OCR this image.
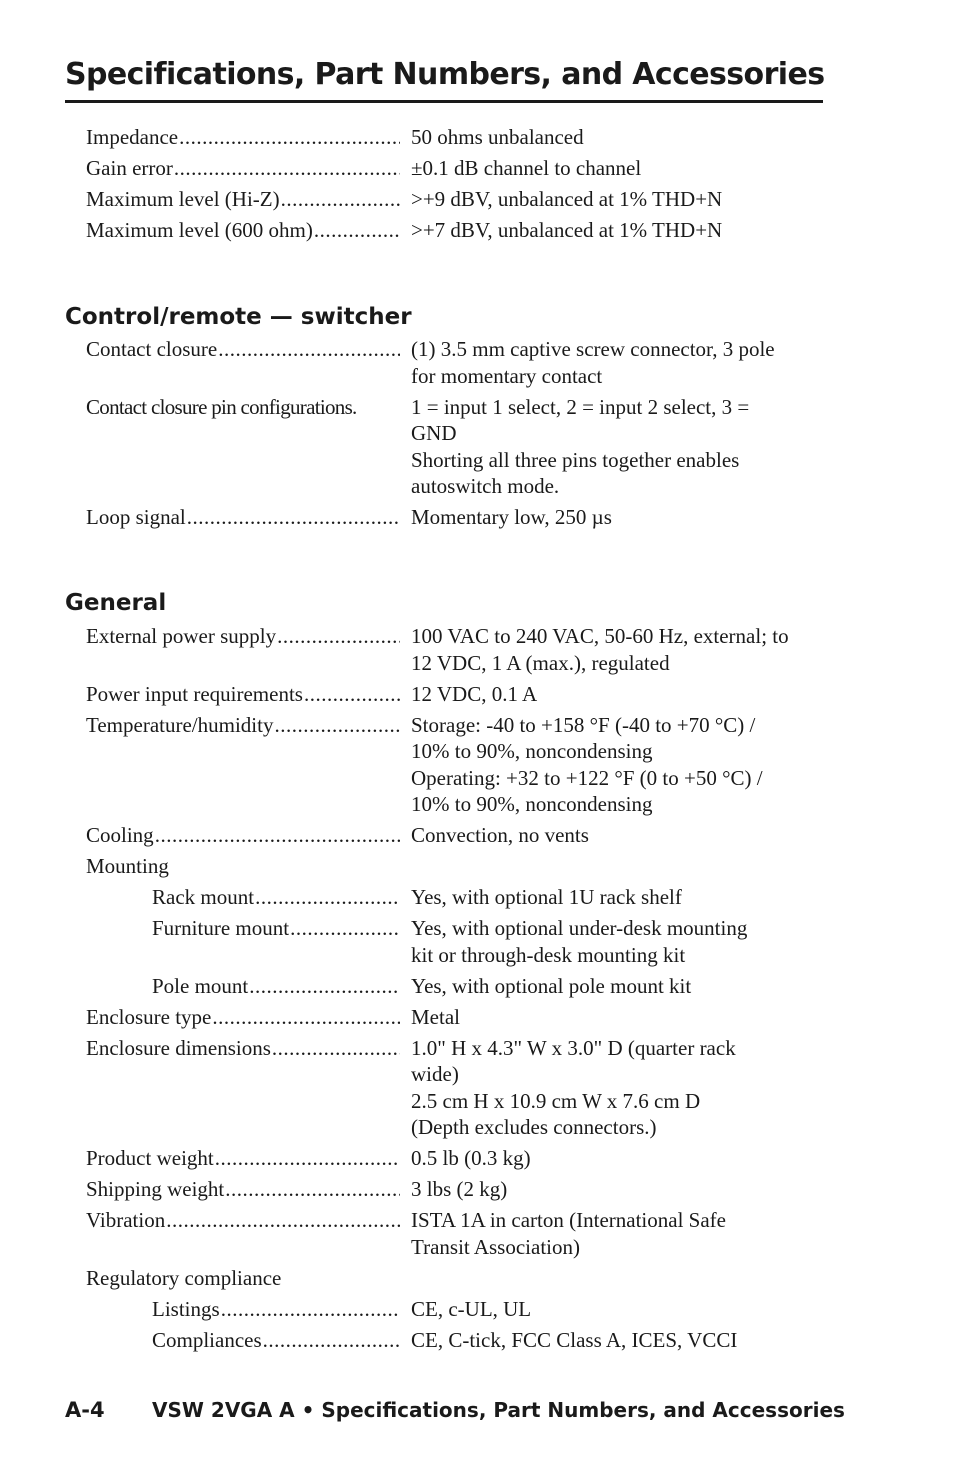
Specifications, Part Numbers, and Accessories
Impedance .....	50 ohms unbalanced
Gain error .....	±0.1 dB channel to channel
Maximum level (Hi-Z) .....	>+9 dBV, unbalanced at 1% THD+N
Maximum level (600 ohm) .....	>+7 dBV, unbalanced at 1% THD+N
Control/remote — switcher
Contact closure .....	(1) 3.5 mm captive screw connector, 3 pole
for momentary contact
Contact closure pin configurations.	1 = input 1 select, 2 = input 2 select, 3 =
GND
Shorting all three pins together enables
autoswitch mode.
Loop signal .....	Momentary low, 250 µs
General
External power supply .....	100 VAC to 240 VAC, 50-60 Hz, external; to
12 VDC, 1 A (max.), regulated
Power input requirements .....	12 VDC, 0.1 A
Temperature/humidity .....	Storage: -40 to +158 °F (-40 to +70 °C) /
10% to 90%, noncondensing
Operating: +32 to +122 °F (0 to +50 °C) /
10% to 90%, noncondensing
Cooling .....	Convection, no vents
Mounting
Rack mount .....	Yes, with optional 1U rack shelf
Furniture mount .....	Yes, with optional under-desk mounting
kit or through-desk mounting kit
Pole mount .....	Yes, with optional pole mount kit
Enclosure type .....	Metal
Enclosure dimensions .....	1.0" H x 4.3" W x 3.0" D (quarter rack
wide)
2.5 cm H x 10.9 cm W x 7.6 cm D
(Depth excludes connectors.)
Product weight .....	0.5 lb (0.3 kg)
Shipping weight .....	3 lbs (2 kg)
Vibration .....	ISTA 1A in carton (International Safe
Transit Association)
Regulatory compliance
Listings .....	CE, c-UL, UL
Compliances .....	CE, C-tick, FCC Class A, ICES, VCCI
A-4 VSW 2VGA A • Specifications, Part Numbers, and Accessories
